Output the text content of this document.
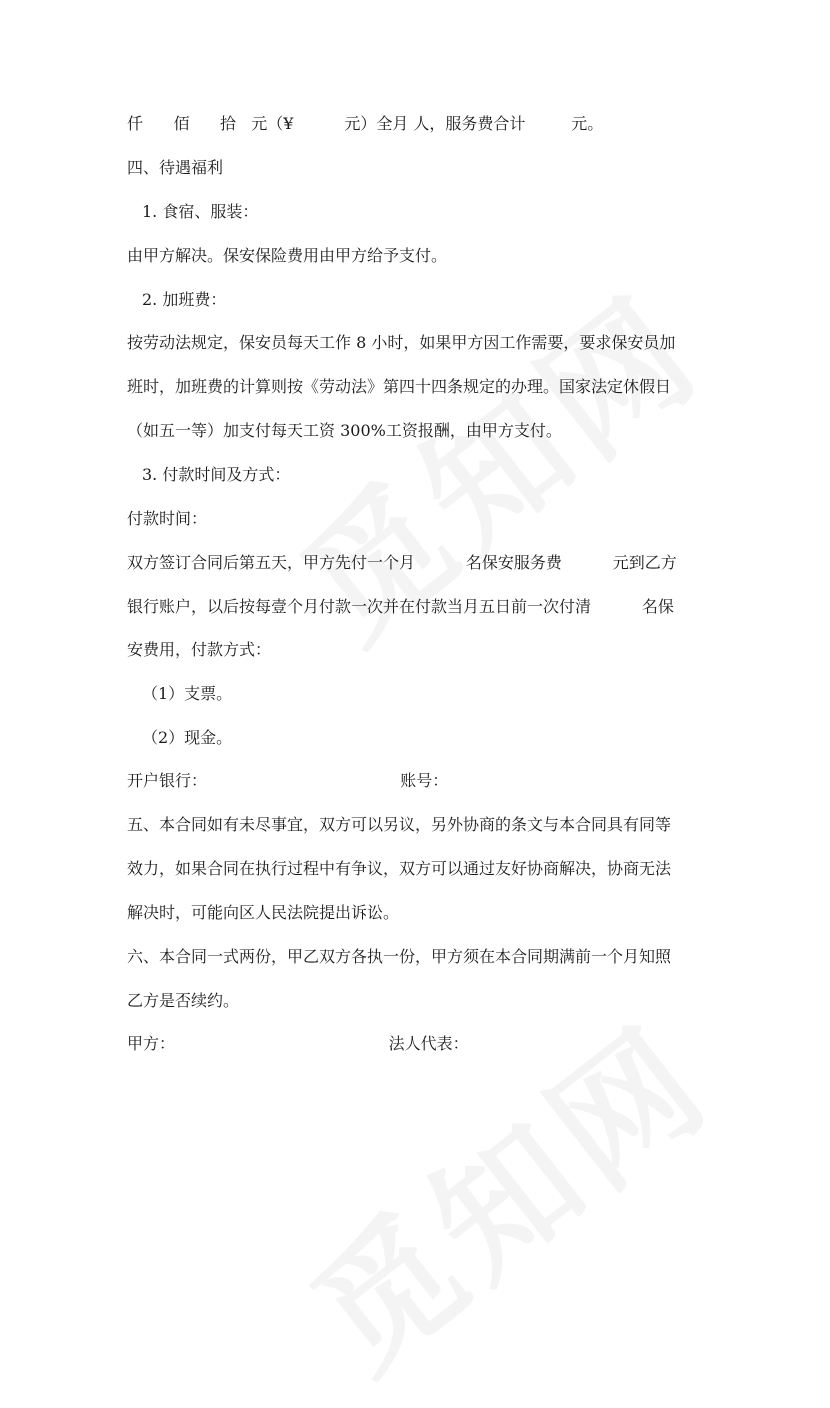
仟      佰      拾   元（¥          元）全月 人，服务费合计         元。
四、待遇福利
1. 食宿、服装：
由甲方解决。保安保险费用由甲方给予支付。
2. 加班费：
按劳动法规定，保安员每天工作 8 小时，如果甲方因工作需要，要求保安员加
班时，加班费的计算则按《劳动法》第四十四条规定的办理。国家法定休假日
（如五一等）加支付每天工资 300%工资报酬，由甲方支付。
3. 付款时间及方式：
付款时间：
双方签订合同后第五天，甲方先付一个月          名保安服务费          元到乙方
银行账户，以后按每壹个月付款一次并在付款当月五日前一次付清          名保
安费用，付款方式：
（1）支票。
（2）现金。
开户银行：                                      账号：
五、本合同如有未尽事宜，双方可以另议，另外协商的条文与本合同具有同等
效力，如果合同在执行过程中有争议，双方可以通过友好协商解决，协商无法
解决时，可能向区人民法院提出诉讼。
六、本合同一式两份，甲乙双方各执一份，甲方须在本合同期满前一个月知照
乙方是否续约。
甲方：                                          法人代表：
